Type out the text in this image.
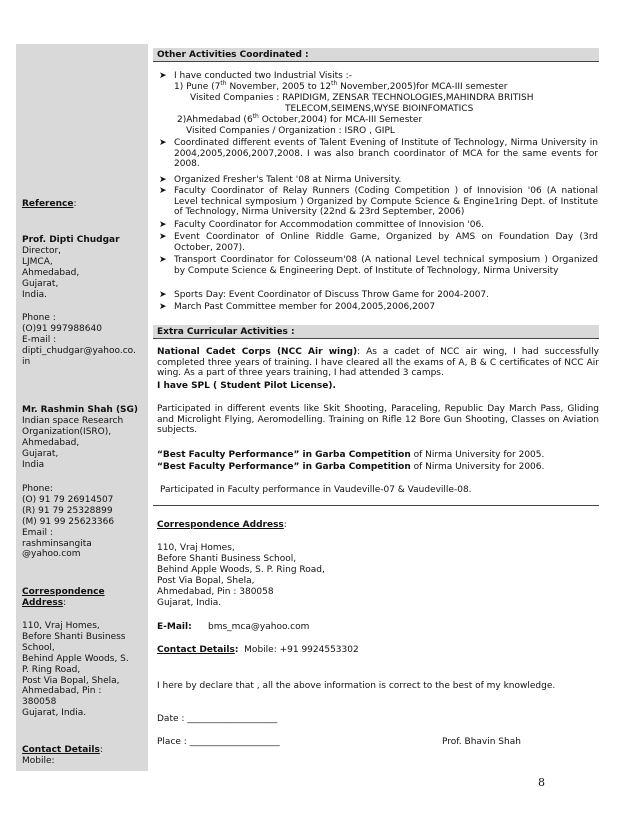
Reference:
Prof. Dipti Chudgar
Director,
LJMCA,
Ahmedabad,
Gujarat,
India.
Phone :
(O)91 997988640
E-mail :
dipti_chudgar@yahoo.co.
in
Mr. Rashmin Shah (SG)
Indian space Research
Organization(ISRO),
Ahmedabad,
Gujarat,
India
Phone:
(O) 91 79 26914507
(R) 91 79 25328899
(M) 91 99 25623366
Email :
rashminsangita
@yahoo.com
Correspondence Address:
110, Vraj Homes,
Before Shanti Business
School,
Behind Apple Woods, S.
P. Ring Road,
Post Via Bopal, Shela,
Ahmedabad, Pin :
380058
Gujarat, India.
Contact Details:
Mobile:
Other Activities Coordinated :
➤ I have conducted two Industrial Visits :-
1) Pune (7th November, 2005 to 12th November,2005)for MCA-III semester
Visited Companies : RAPIDIGM, ZENSAR TECHNOLOGIES,MAHINDRA BRITISH
TELECOM,SEIMENS,WYSE BIOINFOMATICS
2)Ahmedabad (6th October,2004) for MCA-III Semester
Visited Companies / Organization : ISRO , GIPL
➤ Coordinated different events of Talent Evening of Institute of Technology, Nirma University in 2004,2005,2006,2007,2008. I was also branch coordinator of MCA for the same events for 2008.
➤ Organized Fresher's Talent '08 at Nirma University.
➤ Faculty Coordinator of Relay Runners (Coding Competition ) of Innovision '06 (A national Level technical symposium ) Organized by Compute Science & Engine1ring Dept. of Institute of Technology, Nirma University (22nd & 23rd September, 2006)
➤ Faculty Coordinator for Accommodation committee of Innovision '06.
➤ Event Coordinator of Online Riddle Game, Organized by AMS on Foundation Day (3rd October, 2007).
➤ Transport Coordinator for Colosseum'08 (A national Level technical symposium ) Organized by Compute Science & Engineering Dept. of Institute of Technology, Nirma University
➤ Sports Day: Event Coordinator of Discuss Throw Game for 2004-2007.
➤ March Past Committee member for 2004,2005,2006,2007
Extra Curricular Activities :
National Cadet Corps (NCC Air wing): As a cadet of NCC air wing, I had successfully completed three years of training. I have cleared all the exams of A, B & C certificates of NCC Air wing. As a part of three years training, I had attended 3 camps.
I have SPL ( Student Pilot License).
Participated in different events like Skit Shooting, Paraceling, Republic Day March Pass, Gliding and Microlight Flying, Aeromodelling. Training on Rifle 12 Bore Gun Shooting, Classes on Aviation subjects.
“Best Faculty Performance” in Garba Competition of Nirma University for 2005.
“Best Faculty Performance” in Garba Competition of Nirma University for 2006.
Participated in Faculty performance in Vaudeville-07 & Vaudeville-08.
Correspondence Address:
110, Vraj Homes,
Before Shanti Business School,
Behind Apple Woods, S. P. Ring Road,
Post Via Bopal, Shela,
Ahmedabad, Pin : 380058
Gujarat, India.
E-Mail: bms_mca@yahoo.com
Contact Details: Mobile: +91 9924553302
I here by declare that , all the above information is correct to the best of my knowledge.
Date : ____________________
Place : ____________________	Prof. Bhavin Shah
8
